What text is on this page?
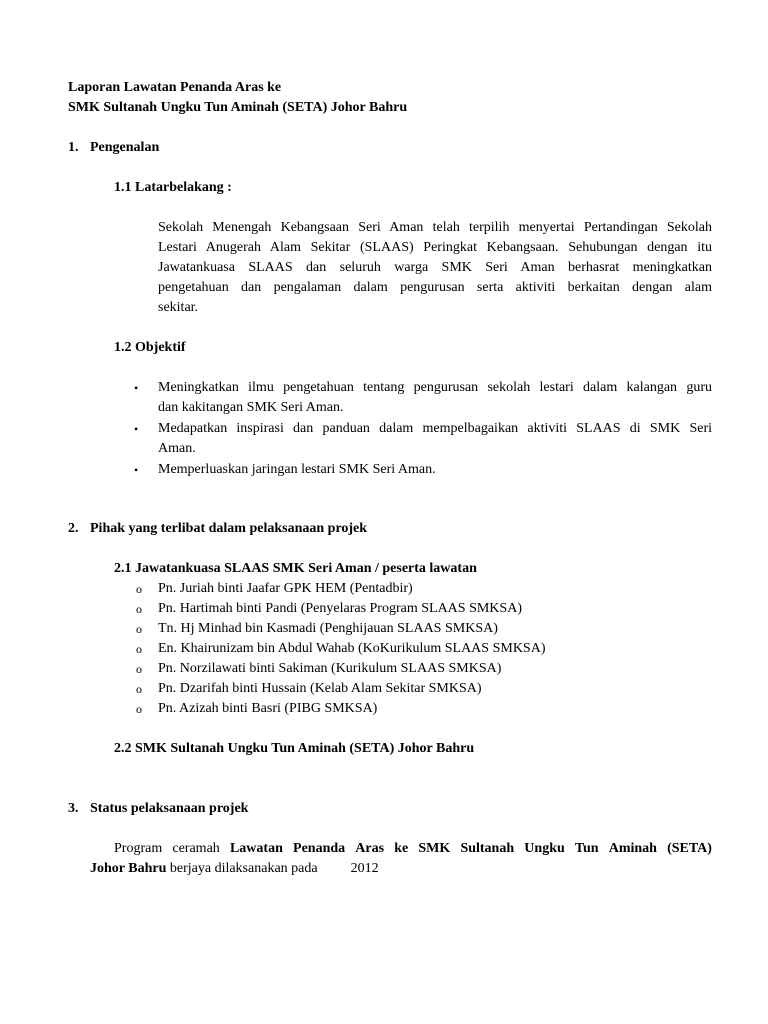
Laporan Lawatan Penanda Aras ke
SMK Sultanah Ungku Tun Aminah (SETA) Johor Bahru
1. Pengenalan
1.1 Latarbelakang :
Sekolah Menengah Kebangsaan Seri Aman telah terpilih menyertai Pertandingan Sekolah
Lestari Anugerah Alam Sekitar (SLAAS) Peringkat Kebangsaan. Sehubungan dengan itu
Jawatankuasa SLAAS dan seluruh warga SMK Seri Aman berhasrat meningkatkan
pengetahuan dan pengalaman dalam pengurusan serta aktiviti berkaitan dengan alam
sekitar.
1.2 Objektif
• Meningkatkan ilmu pengetahuan tentang pengurusan sekolah lestari dalam kalangan guru
dan kakitangan SMK Seri Aman.
• Medapatkan inspirasi dan panduan dalam mempelbagaikan aktiviti SLAAS di SMK Seri
Aman.
• Memperluaskan jaringan lestari SMK Seri Aman.
2. Pihak yang terlibat dalam pelaksanaan projek
2.1 Jawatankuasa SLAAS SMK Seri Aman / peserta lawatan
o Pn. Juriah binti Jaafar GPK HEM (Pentadbir)
o Pn. Hartimah binti Pandi (Penyelaras Program SLAAS SMKSA)
o Tn. Hj Minhad bin Kasmadi (Penghijauan SLAAS SMKSA)
o En. Khairunizam bin Abdul Wahab (KoKurikulum SLAAS SMKSA)
o Pn. Norzilawati binti Sakiman (Kurikulum SLAAS SMKSA)
o Pn. Dzarifah binti Hussain (Kelab Alam Sekitar SMKSA)
o Pn. Azizah binti Basri (PIBG SMKSA)
2.2 SMK Sultanah Ungku Tun Aminah (SETA) Johor Bahru
3. Status pelaksanaan projek
Program ceramah Lawatan Penanda Aras ke SMK Sultanah Ungku Tun Aminah (SETA)
Johor Bahru berjaya dilaksanakan pada 2012
